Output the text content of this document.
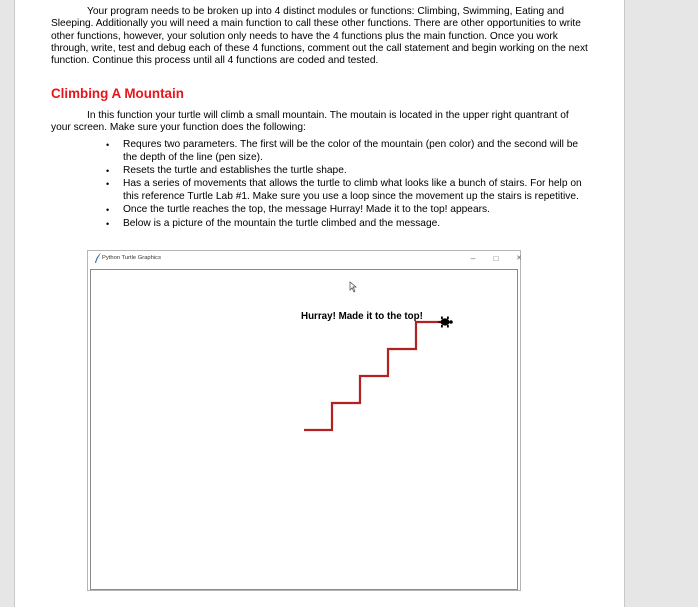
Your program needs to be broken up into 4 distinct modules or functions: Climbing, Swimming, Eating and Sleeping. Additionally you will need a main function to call these other functions. There are other opportunities to write other functions, however, your solution only needs to have the 4 functions plus the main function. Once you work through, write, test and debug each of these 4 functions, comment out the call statement and begin working on the next function. Continue this process until all 4 functions are coded and tested.

Climbing A Mountain

In this function your turtle will climb a small mountain. The moutain is located in the upper right quantrant of your screen. Make sure your function does the following:

• Requres two parameters. The first will be the color of the mountain (pen color) and the second will be the depth of the line (pen size).
• Resets the turtle and establishes the turtle shape.
• Has a series of movements that allows the turtle to climb what looks like a bunch of stairs. For help on this reference Turtle Lab #1. Make sure you use a loop since the movement up the stairs is repetitive.
• Once the turtle reaches the top, the message Hurray! Made it to the top! appears.
• Below is a picture of the mountain the turtle climbed and the message.
Python Turtle Graphics	–	□	✕
Hurray! Made it to the top!
